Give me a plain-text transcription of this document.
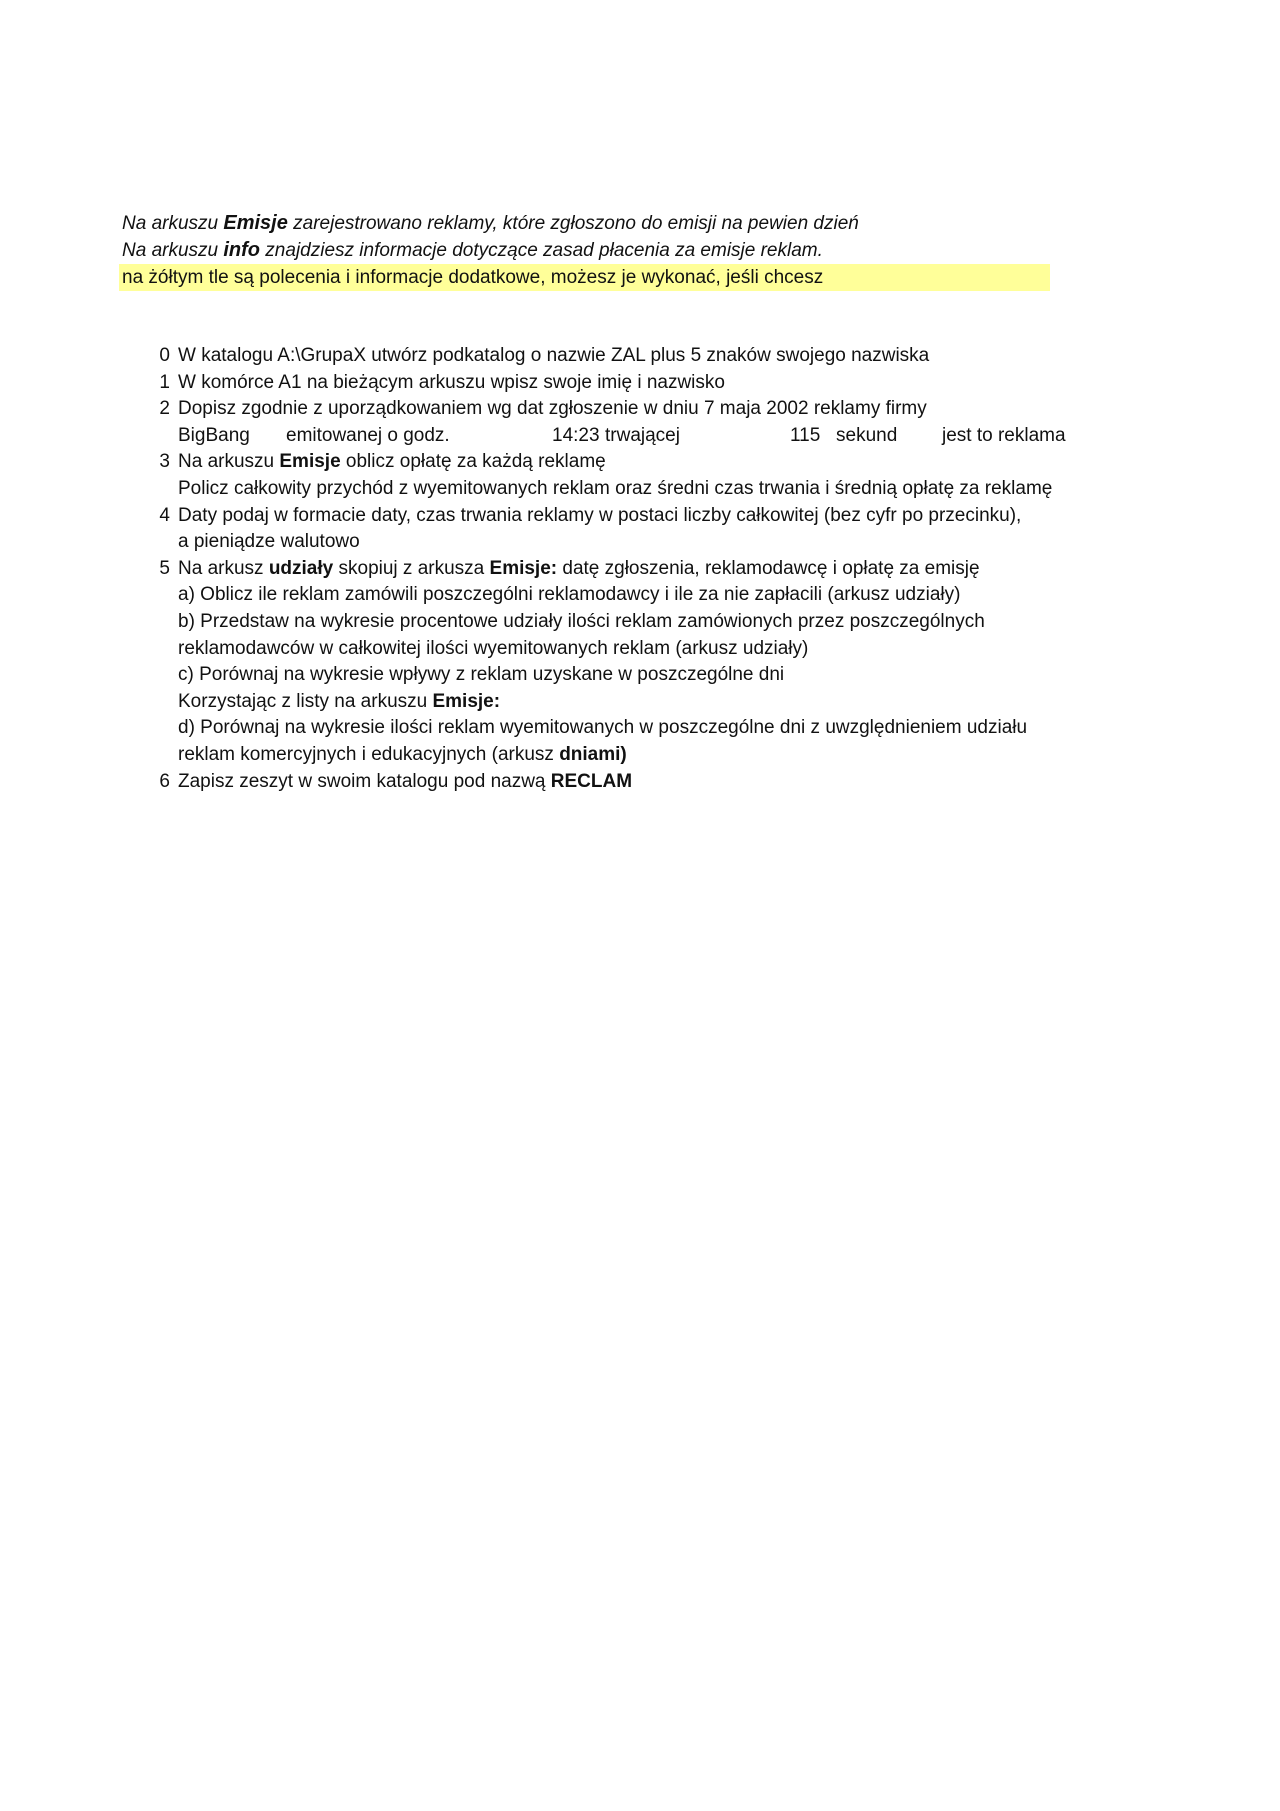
Na arkuszu Emisje zarejestrowano reklamy, które zgłoszono do emisji na pewien dzień
Na arkuszu info znajdziesz informacje dotyczące zasad płacenia za emisje reklam.
na żółtym tle są polecenia i informacje dodatkowe, możesz je wykonać, jeśli chcesz
0 W katalogu A:\GrupaX utwórz podkatalog o nazwie ZAL plus 5 znaków swojego nazwiska
1 W komórce A1 na bieżącym arkuszu wpisz swoje imię i nazwisko
2 Dopisz zgodnie z uporządkowaniem wg dat zgłoszenie w dniu 7 maja 2002 reklamy firmy
BigBang emitowanej o godz.	14:23 trwającej	115 sekund jest to reklama
3 Na arkuszu Emisje oblicz opłatę za każdą reklamę
Policz całkowity przychód z wyemitowanych reklam oraz średni czas trwania i średnią opłatę za reklamę
4 Daty podaj w formacie daty, czas trwania reklamy w postaci liczby całkowitej (bez cyfr po przecinku),
a pieniądze walutowo
5 Na arkusz udziały skopiuj z arkusza Emisje: datę zgłoszenia, reklamodawcę i opłatę za emisję
a) Oblicz ile reklam zamówili poszczególni reklamodawcy i ile za nie zapłacili (arkusz udziały)
b) Przedstaw na wykresie procentowe udziały ilości reklam zamówionych przez poszczególnych
reklamodawców w całkowitej ilości wyemitowanych reklam (arkusz udziały)
c) Porównaj na wykresie wpływy z reklam uzyskane w poszczególne dni
Korzystając z listy na arkuszu Emisje:
d) Porównaj na wykresie ilości reklam wyemitowanych w poszczególne dni z uwzględnieniem udziału
reklam komercyjnych i edukacyjnych (arkusz dniami)
6 Zapisz zeszyt w swoim katalogu pod nazwą RECLAM
